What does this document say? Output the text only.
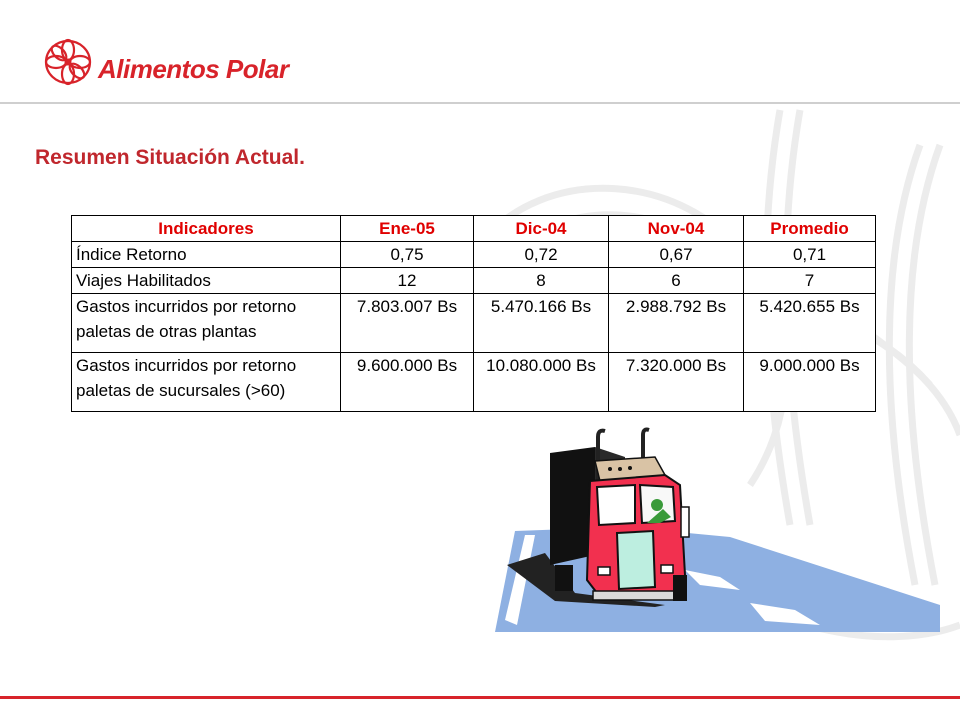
Alimentos Polar
Resumen Situación Actual.
Indicadores	Ene-05	Dic-04	Nov-04	Promedio
Índice Retorno	0,75	0,72	0,67	0,71
Viajes Habilitados	12	8	6	7

Gastos incurridos por retorno
paletas de otras plantas	7.803.007 Bs	5.470.166 Bs	2.988.792 Bs	5.420.655 Bs

Gastos incurridos por retorno
paletas de sucursales (>60)	9.600.000 Bs	10.080.000 Bs	7.320.000 Bs	9.000.000 Bs
